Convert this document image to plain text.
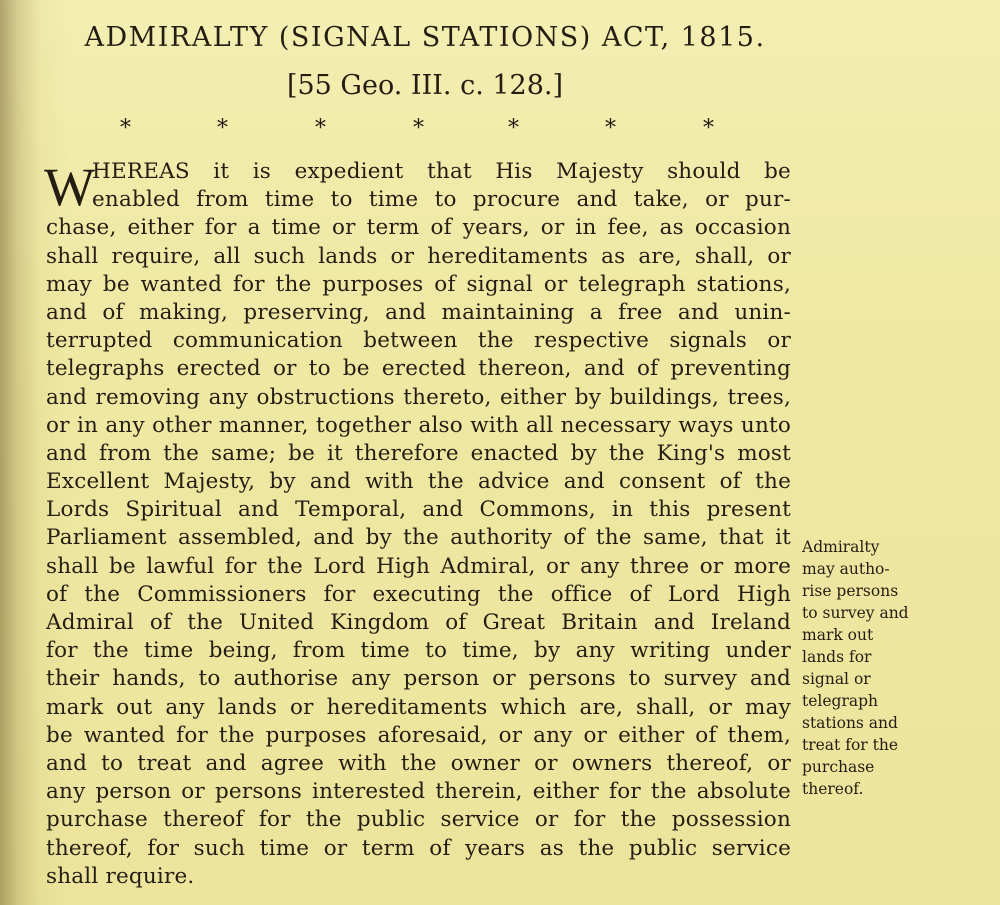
ADMIRALTY (SIGNAL STATIONS) ACT, 1815.
[55 Geo. III. c. 128.]
*	*	*	*	*	*	*
W
HEREAS it is expedient that His Majesty should be
enabled from time to time to procure and take, or pur-
chase, either for a time or term of years, or in fee, as occasion
shall require, all such lands or hereditaments as are, shall, or
may be wanted for the purposes of signal or telegraph stations,
and of making, preserving, and maintaining a free and unin-
terrupted communication between the respective signals or
telegraphs erected or to be erected thereon, and of preventing
and removing any obstructions thereto, either by buildings, trees,
or in any other manner, together also with all necessary ways unto
and from the same; be it therefore enacted by the King's most
Excellent Majesty, by and with the advice and consent of the
Lords Spiritual and Temporal, and Commons, in this present
Parliament assembled, and by the authority of the same, that it
shall be lawful for the Lord High Admiral, or any three or more
of the Commissioners for executing the office of Lord High
Admiral of the United Kingdom of Great Britain and Ireland
for the time being, from time to time, by any writing under
their hands, to authorise any person or persons to survey and
mark out any lands or hereditaments which are, shall, or may
be wanted for the purposes aforesaid, or any or either of them,
and to treat and agree with the owner or owners thereof, or
any person or persons interested therein, either for the absolute
purchase thereof for the public service or for the possession
thereof, for such time or term of years as the public service
shall require.
Admiralty
may autho-
rise persons
to survey and
mark out
lands for
signal or
telegraph
stations and
treat for the
purchase
thereof.
